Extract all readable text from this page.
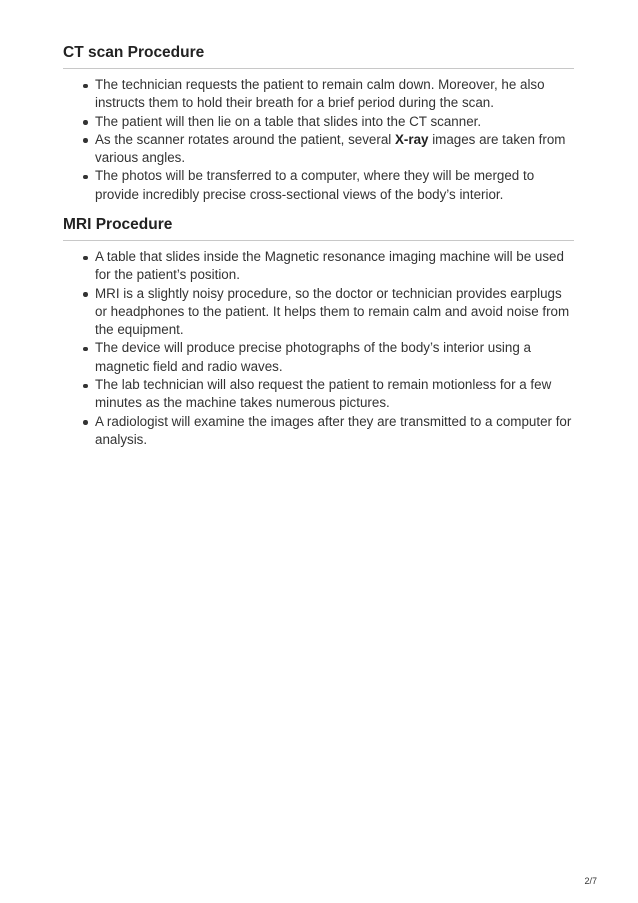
CT scan Procedure
The technician requests the patient to remain calm down. Moreover, he also instructs them to hold their breath for a brief period during the scan.
The patient will then lie on a table that slides into the CT scanner.
As the scanner rotates around the patient, several X-ray images are taken from various angles.
The photos will be transferred to a computer, where they will be merged to provide incredibly precise cross-sectional views of the body’s interior.
MRI Procedure
A table that slides inside the Magnetic resonance imaging machine will be used for the patient’s position.
MRI is a slightly noisy procedure, so the doctor or technician provides earplugs or headphones to the patient. It helps them to remain calm and avoid noise from the equipment.
The device will produce precise photographs of the body’s interior using a magnetic field and radio waves.
The lab technician will also request the patient to remain motionless for a few minutes as the machine takes numerous pictures.
A radiologist will examine the images after they are transmitted to a computer for analysis.
2/7
